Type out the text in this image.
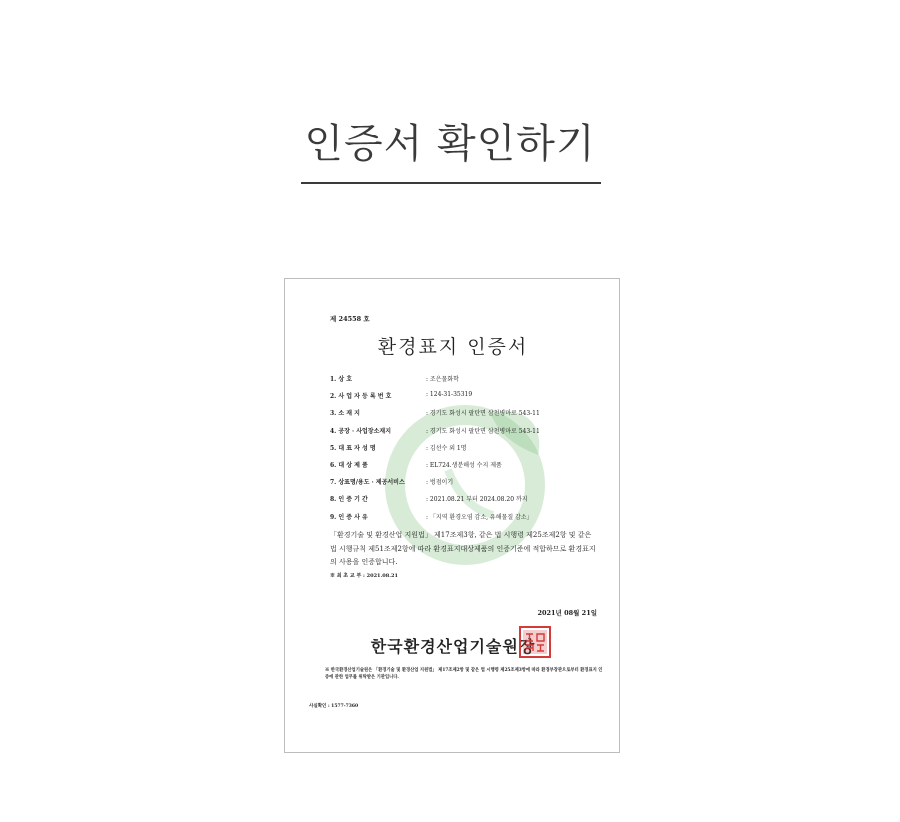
인증서 확인하기
제 24558 호
환경표지 인증서
1. 상 호	: 조은물화학
2. 사 업 자 등 록 번 호	: 124-31-35319
3. 소 재 지	: 경기도 화성시 팔탄면 삼천병마로 543-11
4. 공장 · 사업장소재지	: 경기도 화성시 팔탄면 삼천병마로 543-11
5. 대 표 자 성 명	: 김선수 외 1명
6. 대 상 제 품	: EL724.생분해성 수지 제품
7. 상표명/용도 · 제공서비스	: 벙점이기
8. 인 증 기 간	: 2021.08.21 부터 2024.08.20 까지
9. 인 증 사 유	: 「지역 환경오염 감소, 유해물질 감소」
「환경기술 및 환경산업 지원법」 제17조제3항, 같은 법 시행령 제25조제2항 및 같은 법 시행규칙 제51조제2항에 따라 환경표지대상제품의 인증기준에 적합하므로 환경표지의 사용을 인증합니다.
※ 최 초 교 부 : 2021.08.21
2021년 08월 21일
한국환경산업기술원장
※ 한국환경산업기술원은 「환경기술 및 환경산업 지원법」 제17조제2항 및 같은 법 시행령 제25조제3항에 따라 환경부장관으로부터 환경표지 인증에 관한 업무를 위탁받은 기관입니다.
사실확인 : 1577-7360
